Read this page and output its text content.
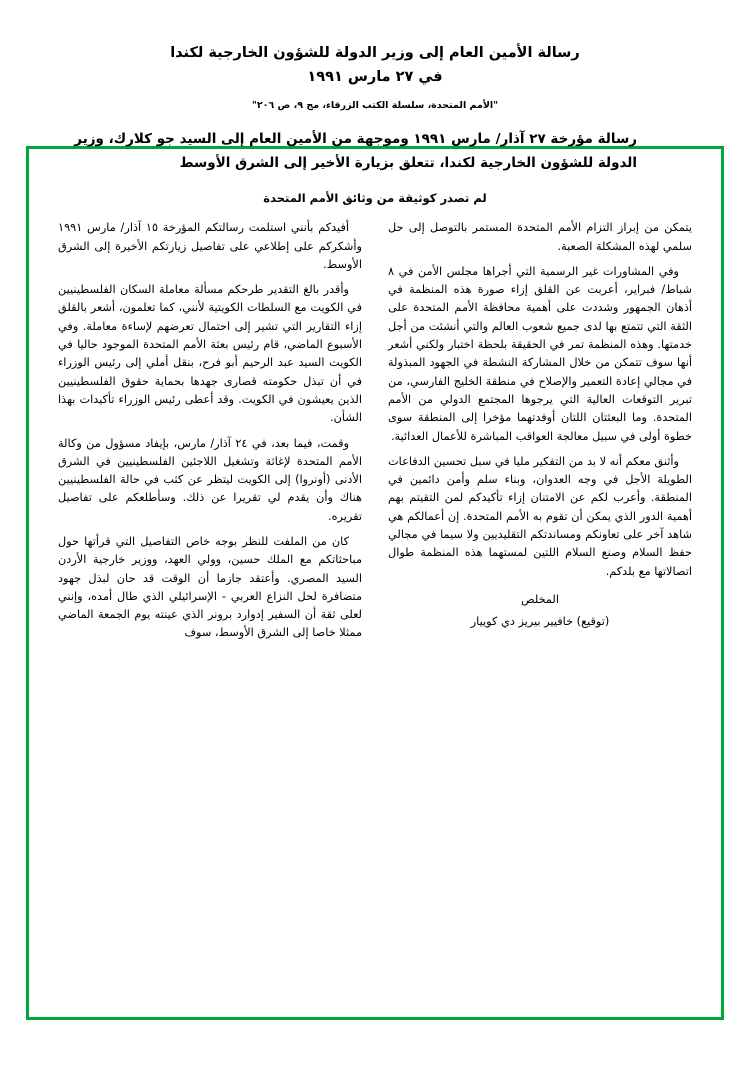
رسالة الأمين العام إلى وزير الدولة للشؤون الخارجية لكندا
في ٢٧ مارس ١٩٩١
"الأمم المتحدة، سلسلة الكتب الزرقاء، مج ٩، ص ٢٠٦"
رسالة مؤرخة ٢٧ آذار/ مارس ١٩٩١ وموجهة من الأمين العام إلى السيد جو كلارك، وزير الدولة للشؤون الخارجية لكندا، تتعلق بزيارة الأخير إلى الشرق الأوسط
لم تصدر كوثيقة من وثائق الأمم المتحدة

يتمكن من إبراز التزام الأمم المتحدة المستمر بالتوصل إلى حل سلمي لهذه المشكلة الصعبة.

وفي المشاورات غير الرسمية التي أجراها مجلس الأمن في ٨ شباط/ فبراير، أعربت عن القلق إزاء صورة هذه المنظمة في أذهان الجمهور وشددت على أهمية محافظة الأمم المتحدة على الثقة التي تتمتع بها لدى جميع شعوب العالم والتي أنشئت من أجل خدمتها. وهذه المنظمة تمر في الحقيقة بلحظة اختبار ولكني أشعر أنها سوف تتمكن من خلال المشاركة النشطة في الجهود المبذولة في مجالي إعادة التعمير والإصلاح في منطقة الخليج الفارسي، من تبرير التوقعات العالية التي يرجوها المجتمع الدولي من الأمم المتحدة. وما البعثتان اللتان أوفدتهما مؤخرا إلى المنطقة سوى خطوة أولى في سبيل معالجة العواقب المباشرة للأعمال العدائية.

وأثنق معكم أنه لا بد من التفكير مليا في سبل تحسين الدفاعات الطويلة الأجل في وجه العدوان، وبناء سلم وأمن دائمين في المنطقة. وأعرب لكم عن الامتنان إزاء تأكيدكم لمن التقيتم بهم أهمية الدور الذي يمكن أن تقوم به الأمم المتحدة. إن أعمالكم هي شاهد آخر على تعاونكم ومساندتكم التقليديين ولا سيما في مجالي حفظ السلام وصنع السلام اللتين لمستهما هذه المنظمة طوال اتصالاتها مع بلدكم.

المخلص
(توقيع) خافيير بيريز دي كوييار

أفيدكم بأنني استلمت رسالتكم المؤرخة ١٥ آذار/ مارس ١٩٩١ وأشكركم على إطلاعي على تفاصيل زيارتكم الأخيرة إلى الشرق الأوسط.

وأقدر بالغ التقدير طرحكم مسألة معاملة السكان الفلسطينيين في الكويت مع السلطات الكويتية لأنني، كما تعلمون، أشعر بالقلق إزاء التقارير التي تشير إلى احتمال تعرضهم لإساءة معاملة. وفي الأسبوع الماضي، قام رئيس بعثة الأمم المتحدة الموجود حاليا في الكويت السيد عبد الرحيم أبو فرح، بنقل أملي إلى رئيس الوزراء في أن تبذل حكومته قصارى جهدها بحماية حقوق الفلسطينيين الذين يعيشون في الكويت. وقد أعطى رئيس الوزراء تأكيدات بهذا الشأن.

وقمت، فيما بعد، في ٢٤ آذار/ مارس، بإيفاد مسؤول من وكالة الأمم المتحدة لإغاثة وتشغيل اللاجئين الفلسطينيين في الشرق الأدنى (أونروا) إلى الكويت ليتظر عن كثب في حالة الفلسطينيين هناك وأن يقدم لي تقريرا عن ذلك. وسأطلعكم على تفاصيل تقريره.

كان من الملفت للنظر بوجه خاص التفاصيل التي قرأتها حول مباحثاتكم مع الملك حسين، وولي العهد، ووزير خارجية الأردن السيد المصري. وأعتقد جازما أن الوقت قد حان لبذل جهود متضافرة لحل النزاع العربي - الإسرائيلي الذي طال أمده، وإنني لعلى ثقة أن السفير إدوارد برونر الذي عينته يوم الجمعة الماضي ممثلا خاصا إلى الشرق الأوسط، سوف
